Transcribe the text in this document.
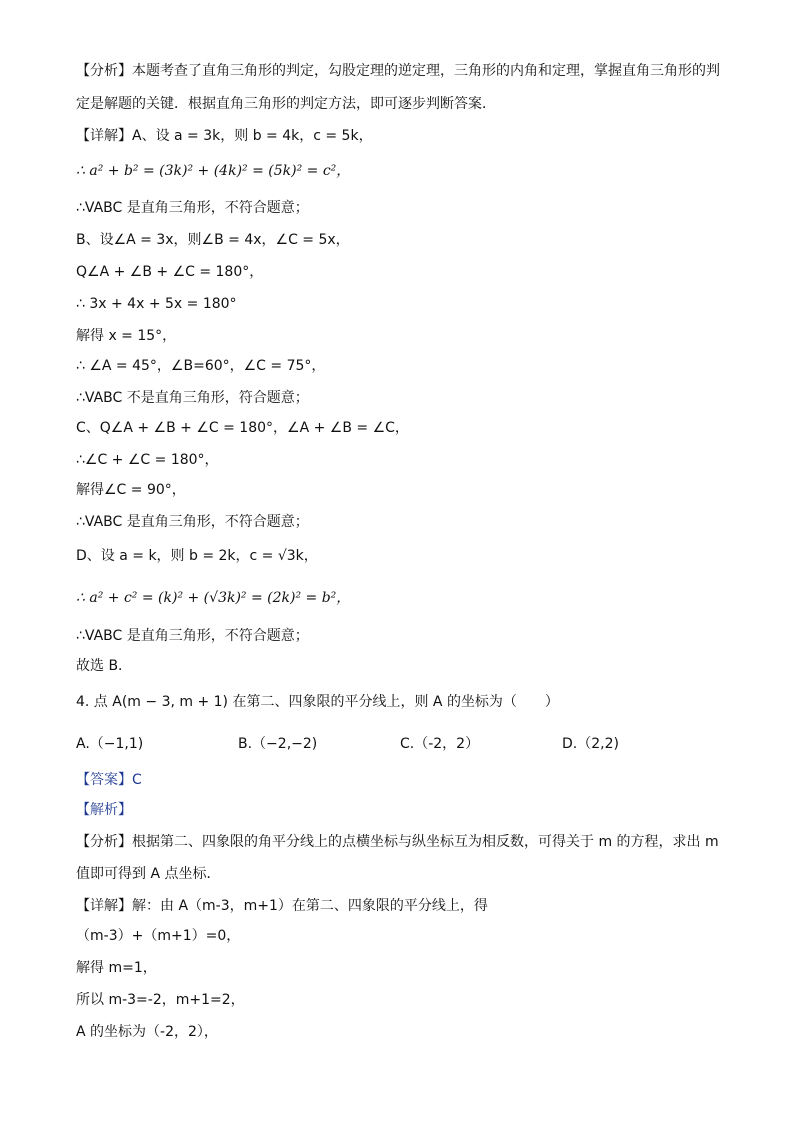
【分析】本题考查了直角三角形的判定，勾股定理的逆定理，三角形的内角和定理，掌握直角三角形的判
定是解题的关键．根据直角三角形的判定方法，即可逐步判断答案．
【详解】A、设 a = 3k，则 b = 4k，c = 5k，
∴ a² + b² = (3k)² + (4k)² = (5k)² = c²，
∴VABC 是直角三角形，不符合题意；
B、设∠A = 3x，则∠B = 4x，∠C = 5x，
Q∠A + ∠B + ∠C = 180°，
∴ 3x + 4x + 5x = 180°
解得 x = 15°，
∴ ∠A = 45°，∠B=60°，∠C = 75°，
∴VABC 不是直角三角形，符合题意；
C、Q∠A + ∠B + ∠C = 180°，∠A + ∠B = ∠C，
∴∠C + ∠C = 180°，
解得∠C = 90°，
∴VABC 是直角三角形，不符合题意；
D、设 a = k，则 b = 2k，c = √3k，
∴ a² + c² = (k)² + (√3k)² = (2k)² = b²，
∴VABC 是直角三角形，不符合题意；
故选 B．
4. 点 A(m − 3, m + 1) 在第二、四象限的平分线上，则 A 的坐标为（　　）
A.（−1,1)	B.（−2,−2)	C.（-2，2）	D.（2,2)
【答案】C
【解析】
【分析】根据第二、四象限的角平分线上的点横坐标与纵坐标互为相反数，可得关于 m 的方程，求出 m 值即可得到 A 点坐标．
【详解】解：由 A（m-3，m+1）在第二、四象限的平分线上，得
（m-3）+（m+1）=0，
解得 m=1，
所以 m-3=-2，m+1=2，
A 的坐标为（-2，2），
